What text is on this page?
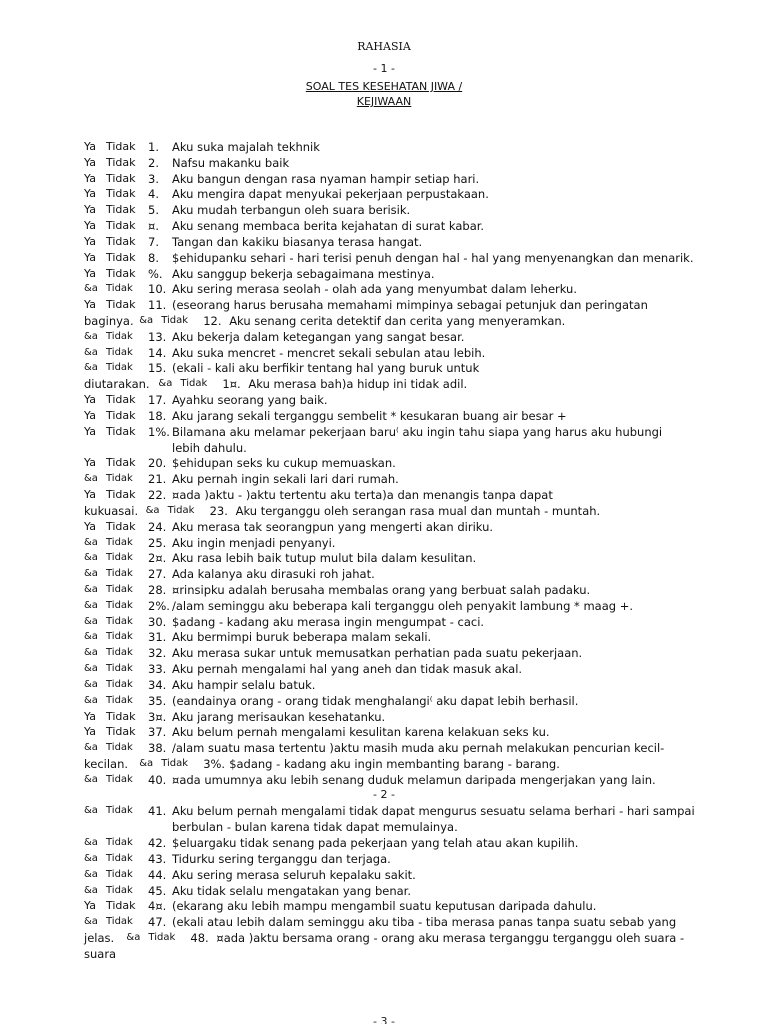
RAHASIA
- 1 -
SOAL TES KESEHATAN JIWA /
KEJIWAAN
Ya Tidak 1. Aku suka majalah tekhnik
Ya Tidak 2. Nafsu makanku baik
Ya Tidak 3. Aku bangun dengan rasa nyaman hampir setiap hari.
Ya Tidak 4. Aku mengira dapat menyukai pekerjaan perpustakaan.
Ya Tidak 5. Aku mudah terbangun oleh suara berisik.
Ya Tidak ¤. Aku senang membaca berita kejahatan di surat kabar.
Ya Tidak 7. Tangan dan kakiku biasanya terasa hangat.
Ya Tidak 8. $ehidupanku sehari - hari terisi penuh dengan hal - hal yang menyenangkan dan menarik.
Ya Tidak %. Aku sanggup bekerja sebagaimana mestinya.
&a Tidak 10. Aku sering merasa seolah - olah ada yang menyumbat dalam leherku.
Ya Tidak 11. (eseorang harus berusaha memahami mimpinya sebagai petunjuk dan peringatan
baginya. &a Tidak 12. Aku senang cerita detektif dan cerita yang menyeramkan.
&a Tidak 13. Aku bekerja dalam ketegangan yang sangat besar.
&a Tidak 14. Aku suka mencret - mencret sekali sebulan atau lebih.
&a Tidak 15. (ekali - kali aku berfikir tentang hal yang buruk untuk
diutarakan. &a Tidak 1¤. Aku merasa bah)a hidup ini tidak adil.
Ya Tidak 17. Ayahku seorang yang baik.
Ya Tidak 18. Aku jarang sekali terganggu sembelit * kesukaran buang air besar +
Ya Tidak 1%. Bilamana aku melamar pekerjaan baru⁽ aku ingin tahu siapa yang harus aku hubungi
lebih dahulu.
Ya Tidak 20. $ehidupan seks ku cukup memuaskan.
&a Tidak 21. Aku pernah ingin sekali lari dari rumah.
Ya Tidak 22. ¤ada )aktu - )aktu tertentu aku terta)a dan menangis tanpa dapat
kukuasai. &a Tidak 23. Aku terganggu oleh serangan rasa mual dan muntah - muntah.
Ya Tidak 24. Aku merasa tak seorangpun yang mengerti akan diriku.
&a Tidak 25. Aku ingin menjadi penyanyi.
&a Tidak 2¤. Aku rasa lebih baik tutup mulut bila dalam kesulitan.
&a Tidak 27. Ada kalanya aku dirasuki roh jahat.
&a Tidak 28. ¤rinsipku adalah berusaha membalas orang yang berbuat salah padaku.
&a Tidak 2%. /alam seminggu aku beberapa kali terganggu oleh penyakit lambung * maag +.
&a Tidak 30. $adang - kadang aku merasa ingin mengumpat - caci.
&a Tidak 31. Aku bermimpi buruk beberapa malam sekali.
&a Tidak 32. Aku merasa sukar untuk memusatkan perhatian pada suatu pekerjaan.
&a Tidak 33. Aku pernah mengalami hal yang aneh dan tidak masuk akal.
&a Tidak 34. Aku hampir selalu batuk.
&a Tidak 35. (eandainya orang - orang tidak menghalangi⁽ aku dapat lebih berhasil.
Ya Tidak 3¤. Aku jarang merisaukan kesehatanku.
Ya Tidak 37. Aku belum pernah mengalami kesulitan karena kelakuan seks ku.
&a Tidak 38. /alam suatu masa tertentu )aktu masih muda aku pernah melakukan pencurian kecil-
kecilan. &a Tidak 3%. $adang - kadang aku ingin membanting barang - barang.
&a Tidak 40. ¤ada umumnya aku lebih senang duduk melamun daripada mengerjakan yang lain.
- 2 -
&a Tidak 41. Aku belum pernah mengalami tidak dapat mengurus sesuatu selama berhari - hari sampai
berbulan - bulan karena tidak dapat memulainya.
&a Tidak 42. $eluargaku tidak senang pada pekerjaan yang telah atau akan kupilih.
&a Tidak 43. Tidurku sering terganggu dan terjaga.
&a Tidak 44. Aku sering merasa seluruh kepalaku sakit.
&a Tidak 45. Aku tidak selalu mengatakan yang benar.
Ya Tidak 4¤. (ekarang aku lebih mampu mengambil suatu keputusan daripada dahulu.
&a Tidak 47. (ekali atau lebih dalam seminggu aku tiba - tiba merasa panas tanpa suatu sebab yang
jelas. &a Tidak 48. ¤ada )aktu bersama orang - orang aku merasa terganggu terganggu oleh suara -
suara
- 3 -
